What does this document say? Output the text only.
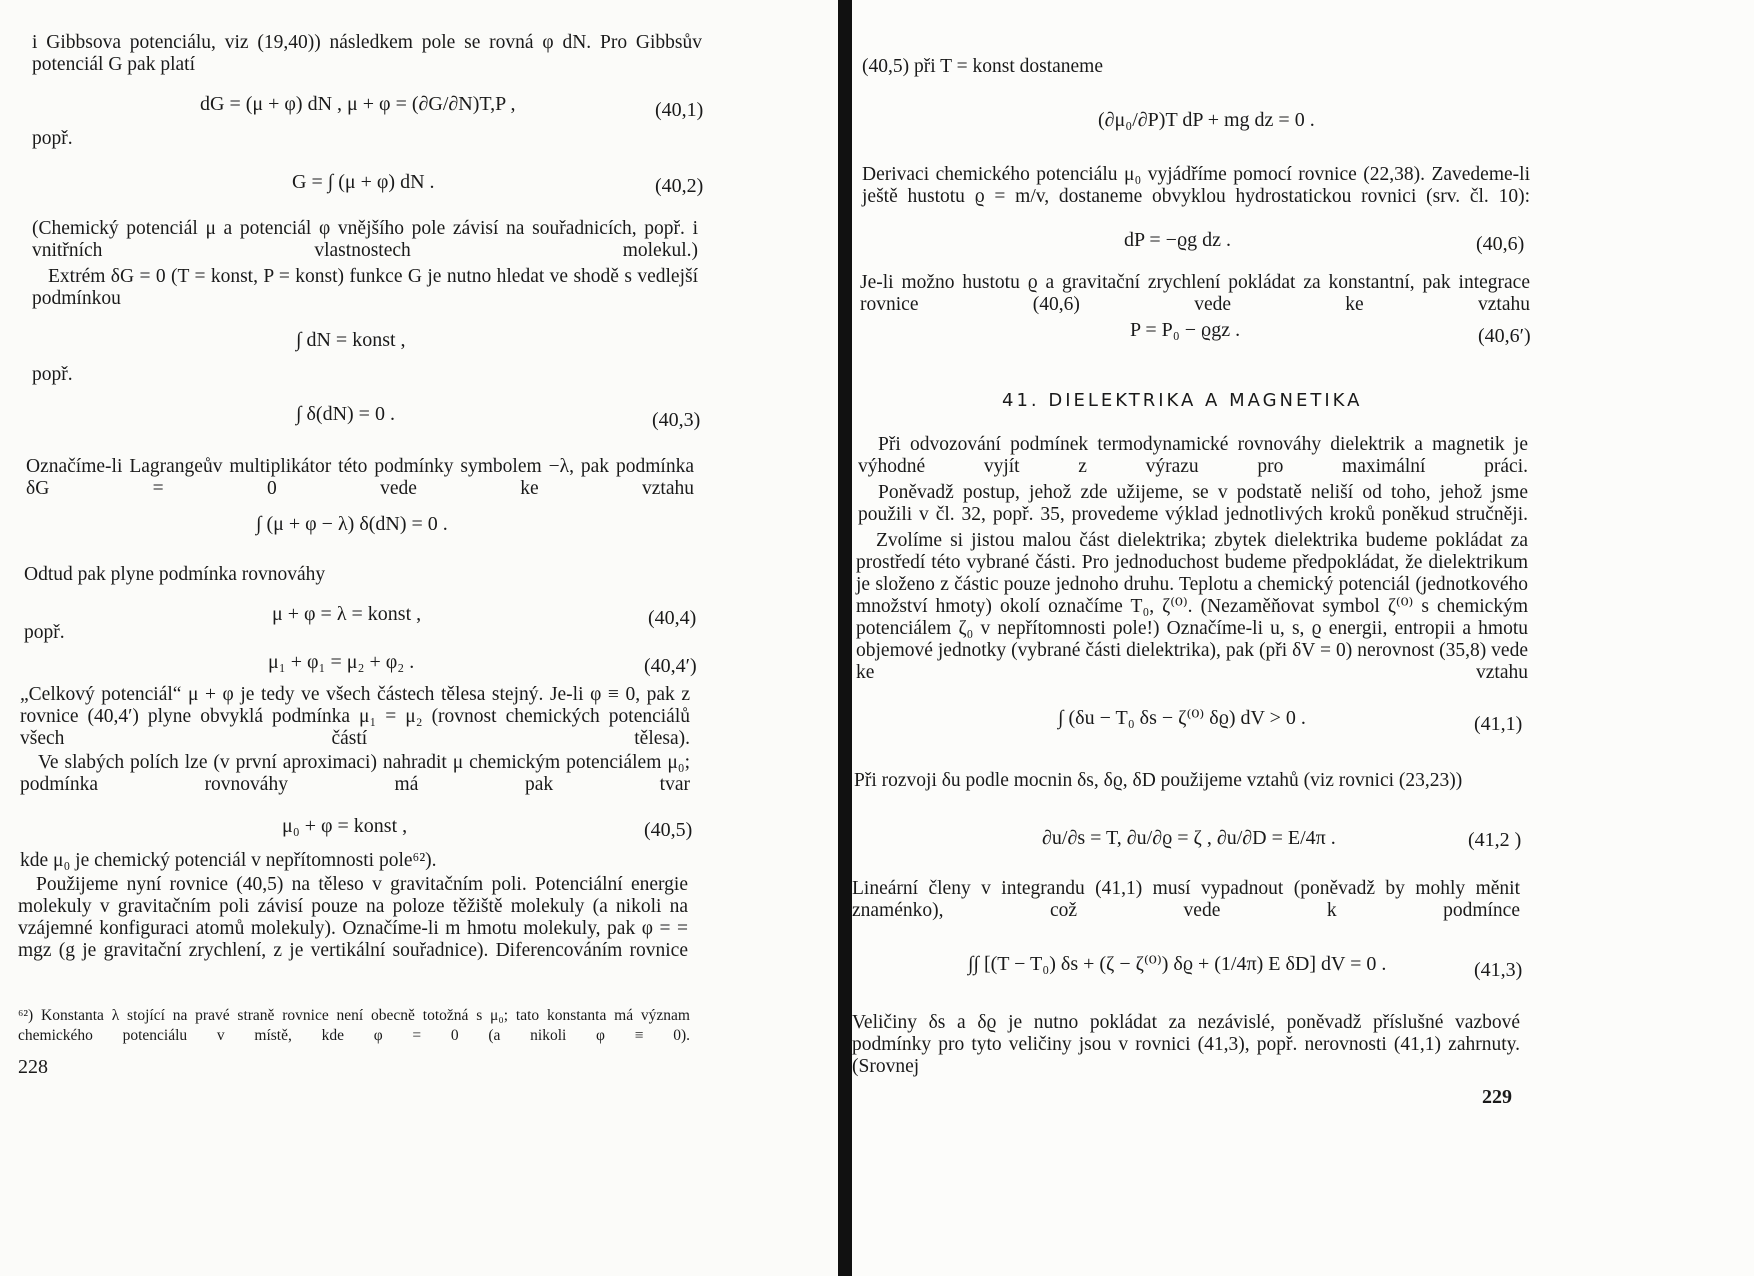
i Gibbsova potenciálu, viz (19,40)) následkem pole se rovná φ dN. Pro Gibbsův potenciál G pak platí

dG = (μ + φ) dN , μ + φ = (∂G/∂N)T,P ,	(40,1)
popř.
G = ∫ (μ + φ) dN .	(40,2)

(Chemický potenciál μ a potenciál φ vnějšího pole závisí na souřadnicích, popř. i vnitřních vlastnostech molekul.)

Extrém δG = 0 (T = konst, P = konst) funkce G je nutno hledat ve shodě s vedlejší podmínkou

∫ dN = konst ,
popř.
∫ δ(dN) = 0 .	(40,3)

Označíme-li Lagrangeův multiplikátor této podmínky symbolem −λ, pak podmínka δG = 0 vede ke vztahu

∫ (μ + φ − λ) δ(dN) = 0 .

Odtud pak plyne podmínka rovnováhy

μ + φ = λ = konst ,	(40,4)
popř.
μ₁ + φ₁ = μ₂ + φ₂ .	(40,4′)

„Celkový potenciál“ μ + φ je tedy ve všech částech tělesa stejný. Je-li φ ≡ 0, pak z rovnice (40,4′) plyne obvyklá podmínka μ₁ = μ₂ (rovnost chemických potenciálů všech částí tělesa).

Ve slabých polích lze (v první aproximaci) nahradit μ chemickým potenciálem μ₀; podmínka rovnováhy má pak tvar

μ₀ + φ = konst ,	(40,5)

kde μ₀ je chemický potenciál v nepřítomnosti pole⁶²).

Použijeme nyní rovnice (40,5) na těleso v gravitačním poli. Potenciální energie molekuly v gravitačním poli závisí pouze na poloze těžiště molekuly (a nikoli na vzájemné konfiguraci atomů molekuly). Označíme-li m hmotu molekuly, pak φ = = mgz (g je gravitační zrychlení, z je vertikální souřadnice). Diferencováním rovnice

⁶²) Konstanta λ stojící na pravé straně rovnice není obecně totožná s μ₀; tato konstanta má význam chemického potenciálu v místě, kde φ = 0 (a nikoli φ ≡ 0).

228

(40,5) při T = konst dostaneme

(∂μ₀/∂P)T dP + mg dz = 0 .

Derivaci chemického potenciálu μ₀ vyjádříme pomocí rovnice (22,38). Zavedeme-li ještě hustotu ϱ = m/v, dostaneme obvyklou hydrostatickou rovnici (srv. čl. 10):

dP = −ϱg dz .	(40,6)

Je-li možno hustotu ϱ a gravitační zrychlení pokládat za konstantní, pak integrace rovnice (40,6) vede ke vztahu

P = P₀ − ϱgz .	(40,6′)
41. DIELEKTRIKA A MAGNETIKA

Při odvozování podmínek termodynamické rovnováhy dielektrik a magnetik je výhodné vyjít z výrazu pro maximální práci.

Poněvadž postup, jehož zde užijeme, se v podstatě neliší od toho, jehož jsme použili v čl. 32, popř. 35, provedeme výklad jednotlivých kroků poněkud stručněji.

Zvolíme si jistou malou část dielektrika; zbytek dielektrika budeme pokládat za prostředí této vybrané části. Pro jednoduchost budeme předpokládat, že dielektrikum je složeno z částic pouze jednoho druhu. Teplotu a chemický potenciál (jednotkového množství hmoty) okolí označíme T₀, ζ⁽⁰⁾. (Nezaměňovat symbol ζ⁽⁰⁾ s chemickým potenciálem ζ₀ v nepřítomnosti pole!) Označíme-li u, s, ϱ energii, entropii a hmotu objemové jednotky (vybrané části dielektrika), pak (při δV = 0) nerovnost (35,8) vede ke vztahu

∫ (δu − T₀ δs − ζ⁽⁰⁾ δϱ) dV > 0 .	(41,1)

Při rozvoji δu podle mocnin δs, δϱ, δD použijeme vztahů (viz rovnici (23,23))

∂u/∂s = T, ∂u/∂ϱ = ζ , ∂u/∂D = E/4π .	(41,2 )

Lineární členy v integrandu (41,1) musí vypadnout (poněvadž by mohly měnit znaménko), což vede k podmínce

∫∫ [(T − T₀) δs + (ζ − ζ⁽⁰⁾) δϱ + (1/4π) E δD] dV = 0 .	(41,3)

Veličiny δs a δϱ je nutno pokládat za nezávislé, poněvadž příslušné vazbové podmínky pro tyto veličiny jsou v rovnici (41,3), popř. nerovnosti (41,1) zahrnuty. (Srovnej

229
